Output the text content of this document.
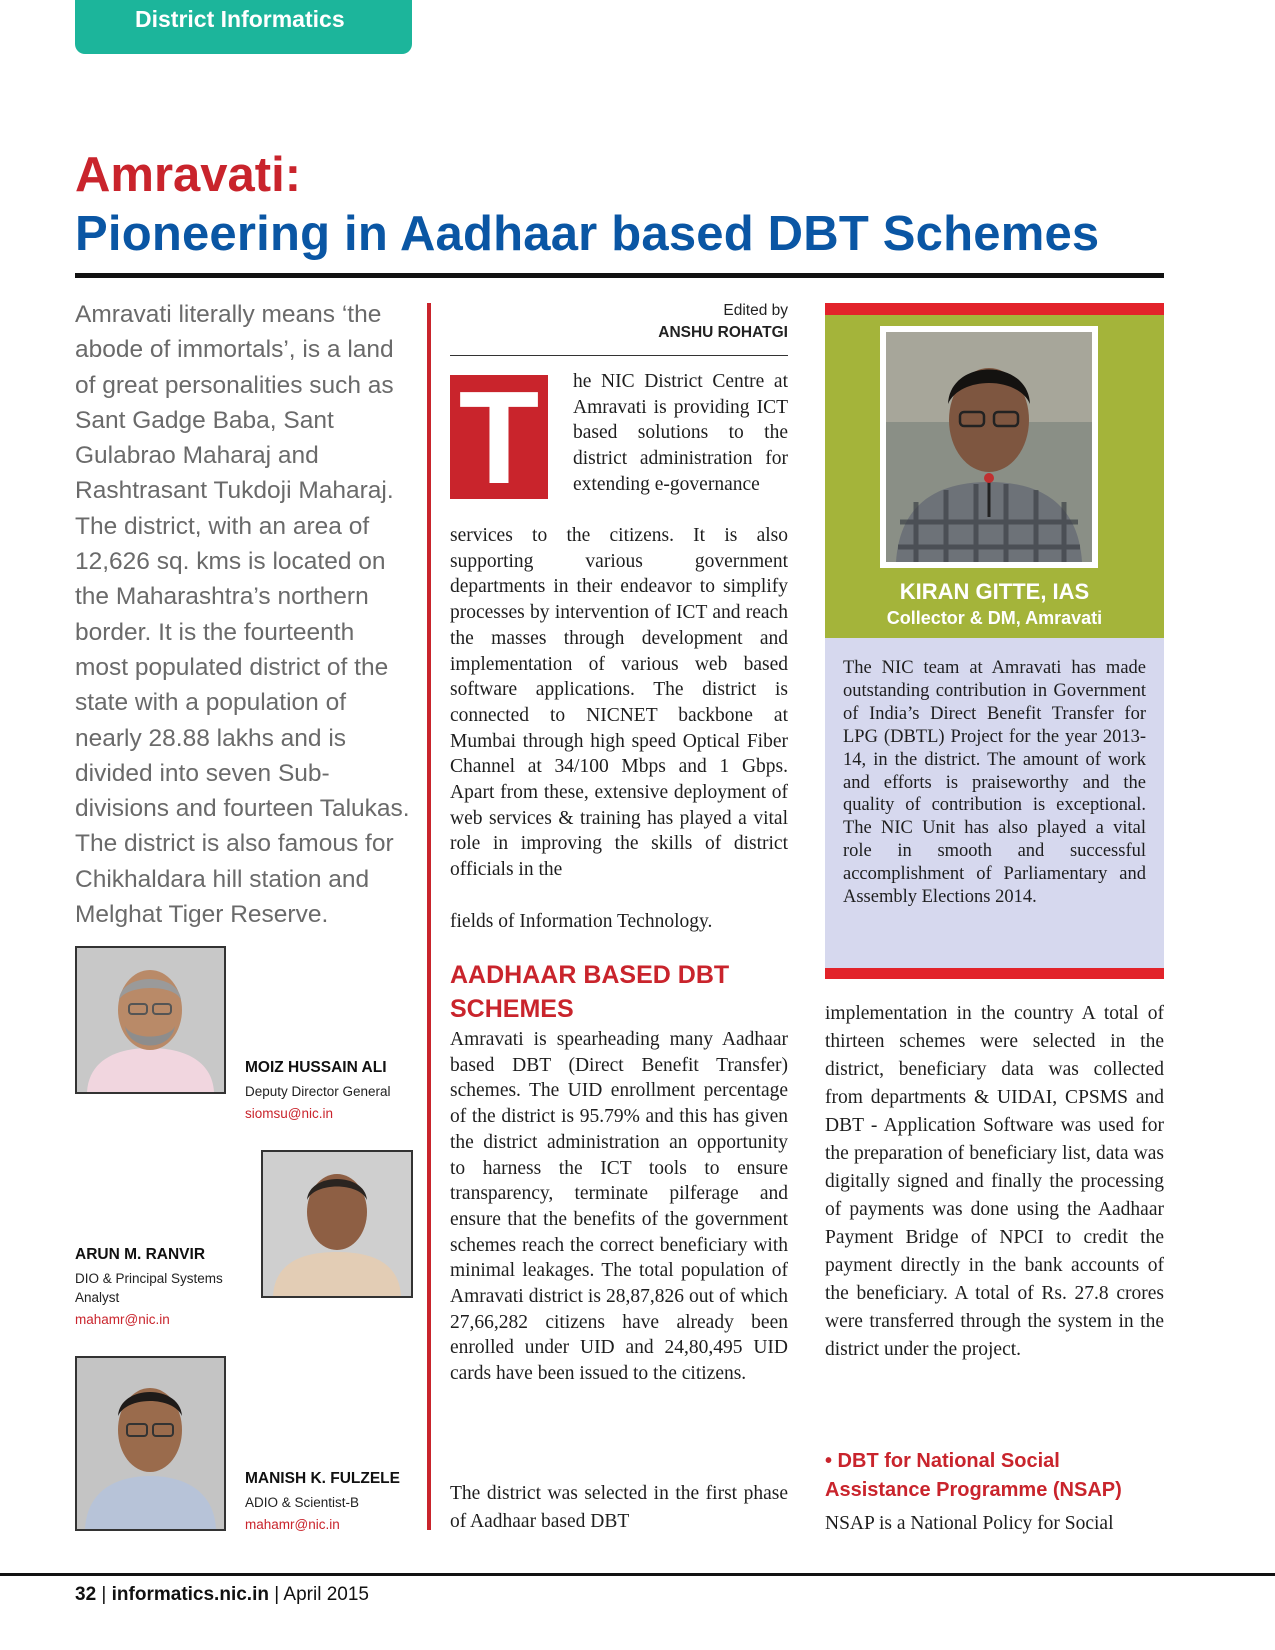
District Informatics
Amravati:
Pioneering in Aadhaar based DBT Schemes
Amravati literally means ‘the abode of immortals’, is a land of great personalities such as Sant Gadge Baba, Sant Gulabrao Maharaj and Rashtrasant Tukdoji Maharaj. The district, with an area of 12,626 sq. kms is located on the Maharashtra’s northern border. It is the fourteenth most populated district of the state with a population of nearly 28.88 lakhs and is divided into seven Sub-divisions and fourteen Talukas. The district is also famous for Chikhaldara hill station and Melghat Tiger Reserve.
MOIZ HUSSAIN ALI
Deputy Director General
siomsu@nic.in
ARUN M. RANVIR
DIO & Principal Systems Analyst
mahamr@nic.in
MANISH K. FULZELE
ADIO & Scientist-B
mahamr@nic.in
Edited by
ANSHU ROHATGI
T	he NIC District Centre at Amravati is providing ICT based solutions to the district administration for extending e-governance
services to the citizens. It is also supporting various government departments in their endeavor to simplify processes by intervention of ICT and reach the masses through development and implementation of various web based software applications. The district is connected to NICNET backbone at Mumbai through high speed Optical Fiber Channel at 34/100 Mbps and 1 Gbps. Apart from these, extensive deployment of web services & training has played a vital role in improving the skills of district officials in the
fields of Information Technology.
AADHAAR BASED DBT SCHEMES
Amravati is spearheading many Aadhaar based DBT (Direct Benefit Transfer) schemes. The UID enrollment percentage of the district is 95.79% and this has given the district administration an opportunity to harness the ICT tools to ensure transparency, terminate pilferage and ensure that the benefits of the government schemes reach the correct beneficiary with minimal leakages. The total population of Amravati district is 28,87,826 out of which 27,66,282 citizens have already been enrolled under UID and 24,80,495 UID cards have been issued to the citizens.
The district was selected in the first phase of Aadhaar based DBT
KIRAN GITTE, IAS
Collector & DM, Amravati
The NIC team at Amravati has made outstanding contribution in Government of India’s Direct Benefit Transfer for LPG (DBTL) Project for the year 2013-14, in the district. The amount of work and efforts is praiseworthy and the quality of contribution is exceptional. The NIC Unit has also played a vital role in smooth and successful accomplishment of Parliamentary and Assembly Elections 2014.
implementation in the country A total of thirteen schemes were selected in the district, beneficiary data was collected from departments & UIDAI, CPSMS and DBT - Application Software was used for the preparation of beneficiary list, data was digitally signed and finally the processing of payments was done using the Aadhaar Payment Bridge of NPCI to credit the payment directly in the bank accounts of the beneficiary. A total of Rs. 27.8 crores were transferred through the system in the district under the project.
• DBT for National Social Assistance Programme (NSAP)
NSAP is a National Policy for Social
32 | informatics.nic.in | April 2015
